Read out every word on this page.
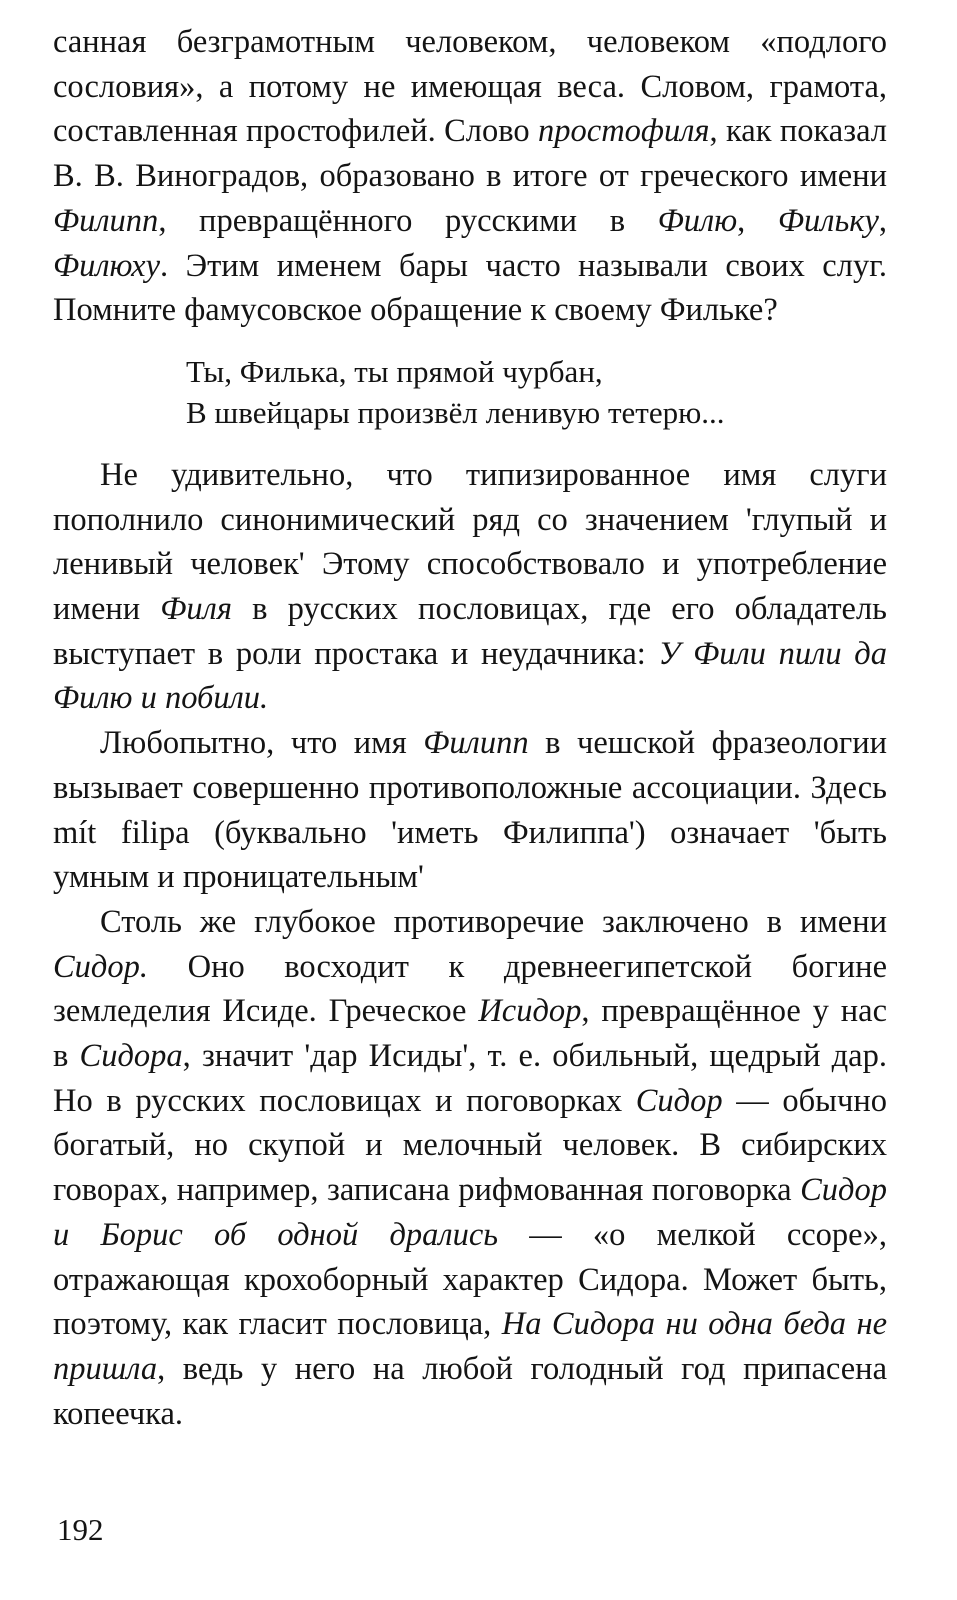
санная безграмотным человеком, человеком «подлого сословия», а потому не имеющая веса. Словом, грамота, составленная простофилей. Слово простофиля, как показал В. В. Виноградов, образовано в итоге от греческого имени Филипп, превращённого русскими в Филю, Фильку, Филюху. Этим именем бары часто называли своих слуг. Помните фамусовское обращение к своему Фильке?

Ты, Филька, ты прямой чурбан,
В швейцары произвёл ленивую тетерю...

Не удивительно, что типизированное имя слуги пополнило синонимический ряд со значением 'глупый и ленивый человек' Этому способствовало и употребление имени Филя в русских пословицах, где его обладатель выступает в роли простака и неудачника: У Фили пили да Филю и побили.

Любопытно, что имя Филипп в чешской фразеологии вызывает совершенно противоположные ассоциации. Здесь mít filipa (буквально 'иметь Филиппа') означает 'быть умным и проницательным'

Столь же глубокое противоречие заключено в имени Сидор. Оно восходит к древнеегипетской богине земледелия Исиде. Греческое Исидор, превращённое у нас в Сидора, значит 'дар Исиды', т. е. обильный, щедрый дар. Но в русских пословицах и поговорках Сидор — обычно богатый, но скупой и мелочный человек. В сибирских говорах, например, записана рифмованная поговорка Сидор и Борис об одной дрались — «о мелкой ссоре», отражающая крохоборный характер Сидора. Может быть, поэтому, как гласит пословица, На Сидора ни одна беда не пришла, ведь у него на любой голодный год припасена копеечка.

192
